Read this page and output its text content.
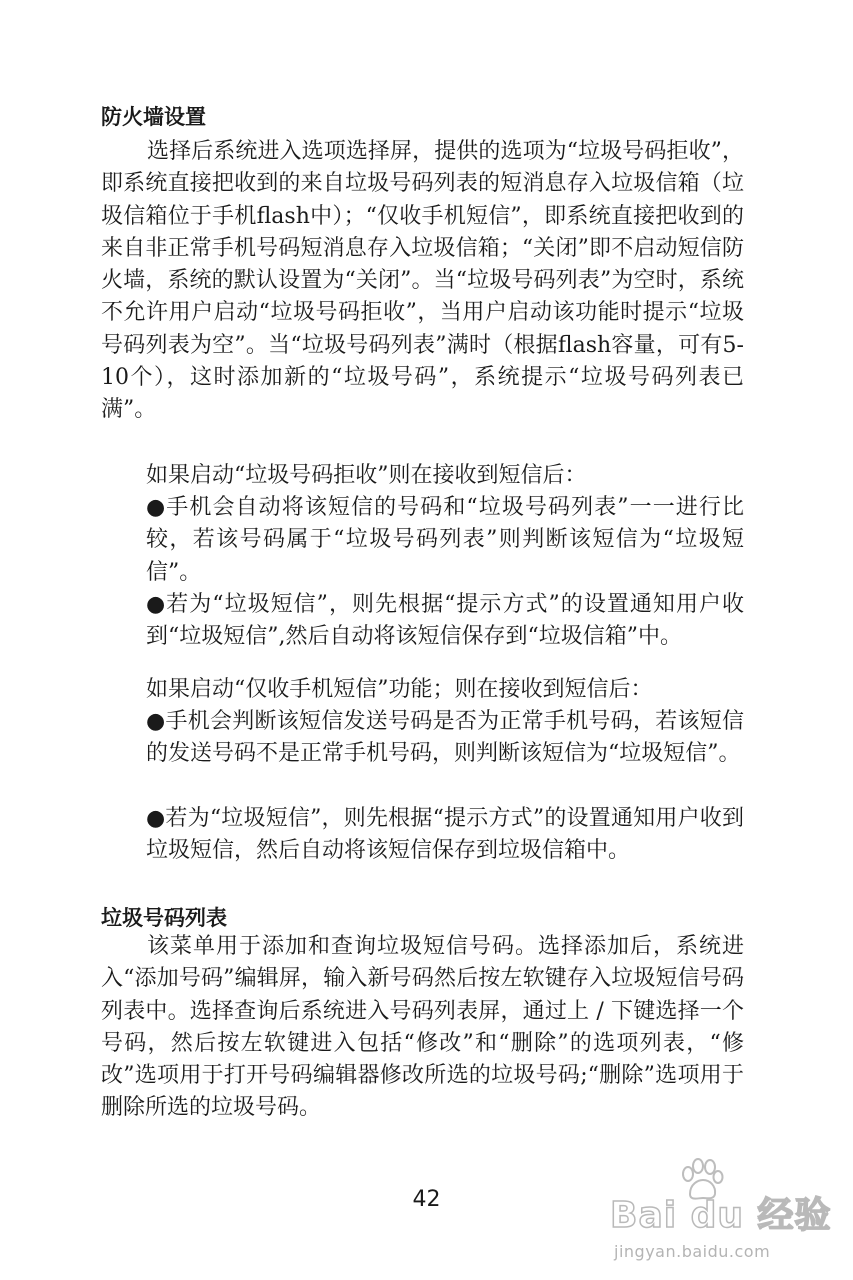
防火墙设置

选择后系统进入选项选择屏，提供的选项为“垃圾号码拒收”，即系统直接把收到的来自垃圾号码列表的短消息存入垃圾信箱（垃圾信箱位于手机flash中）；“仅收手机短信”，即系统直接把收到的来自非正常手机号码短消息存入垃圾信箱；“关闭”即不启动短信防火墙，系统的默认设置为“关闭”。当“垃圾号码列表”为空时，系统不允许用户启动“垃圾号码拒收”，当用户启动该功能时提示“垃圾号码列表为空”。当“垃圾号码列表”满时（根据flash容量，可有5-10个），这时添加新的“垃圾号码”，系统提示“垃圾号码列表已满”。

如果启动“垃圾号码拒收”则在接收到短信后：

●手机会自动将该短信的号码和“垃圾号码列表”一一进行比较，若该号码属于“垃圾号码列表”则判断该短信为“垃圾短信”。

●若为“垃圾短信”，则先根据“提示方式”的设置通知用户收到“垃圾短信”,然后自动将该短信保存到“垃圾信箱”中。

如果启动“仅收手机短信”功能；则在接收到短信后：

●手机会判断该短信发送号码是否为正常手机号码，若该短信的发送号码不是正常手机号码，则判断该短信为“垃圾短信”。

●若为“垃圾短信”，则先根据“提示方式”的设置通知用户收到垃圾短信，然后自动将该短信保存到垃圾信箱中。

垃圾号码列表

该菜单用于添加和查询垃圾短信号码。选择添加后，系统进入“添加号码”编辑屏，输入新号码然后按左软键存入垃圾短信号码列表中。选择查询后系统进入号码列表屏，通过上 / 下键选择一个号码，然后按左软键进入包括“修改”和“删除”的选项列表，“修改”选项用于打开号码编辑器修改所选的垃圾号码;“删除”选项用于删除所选的垃圾号码。

42	Bai du 经验
jingyan.baidu.com
